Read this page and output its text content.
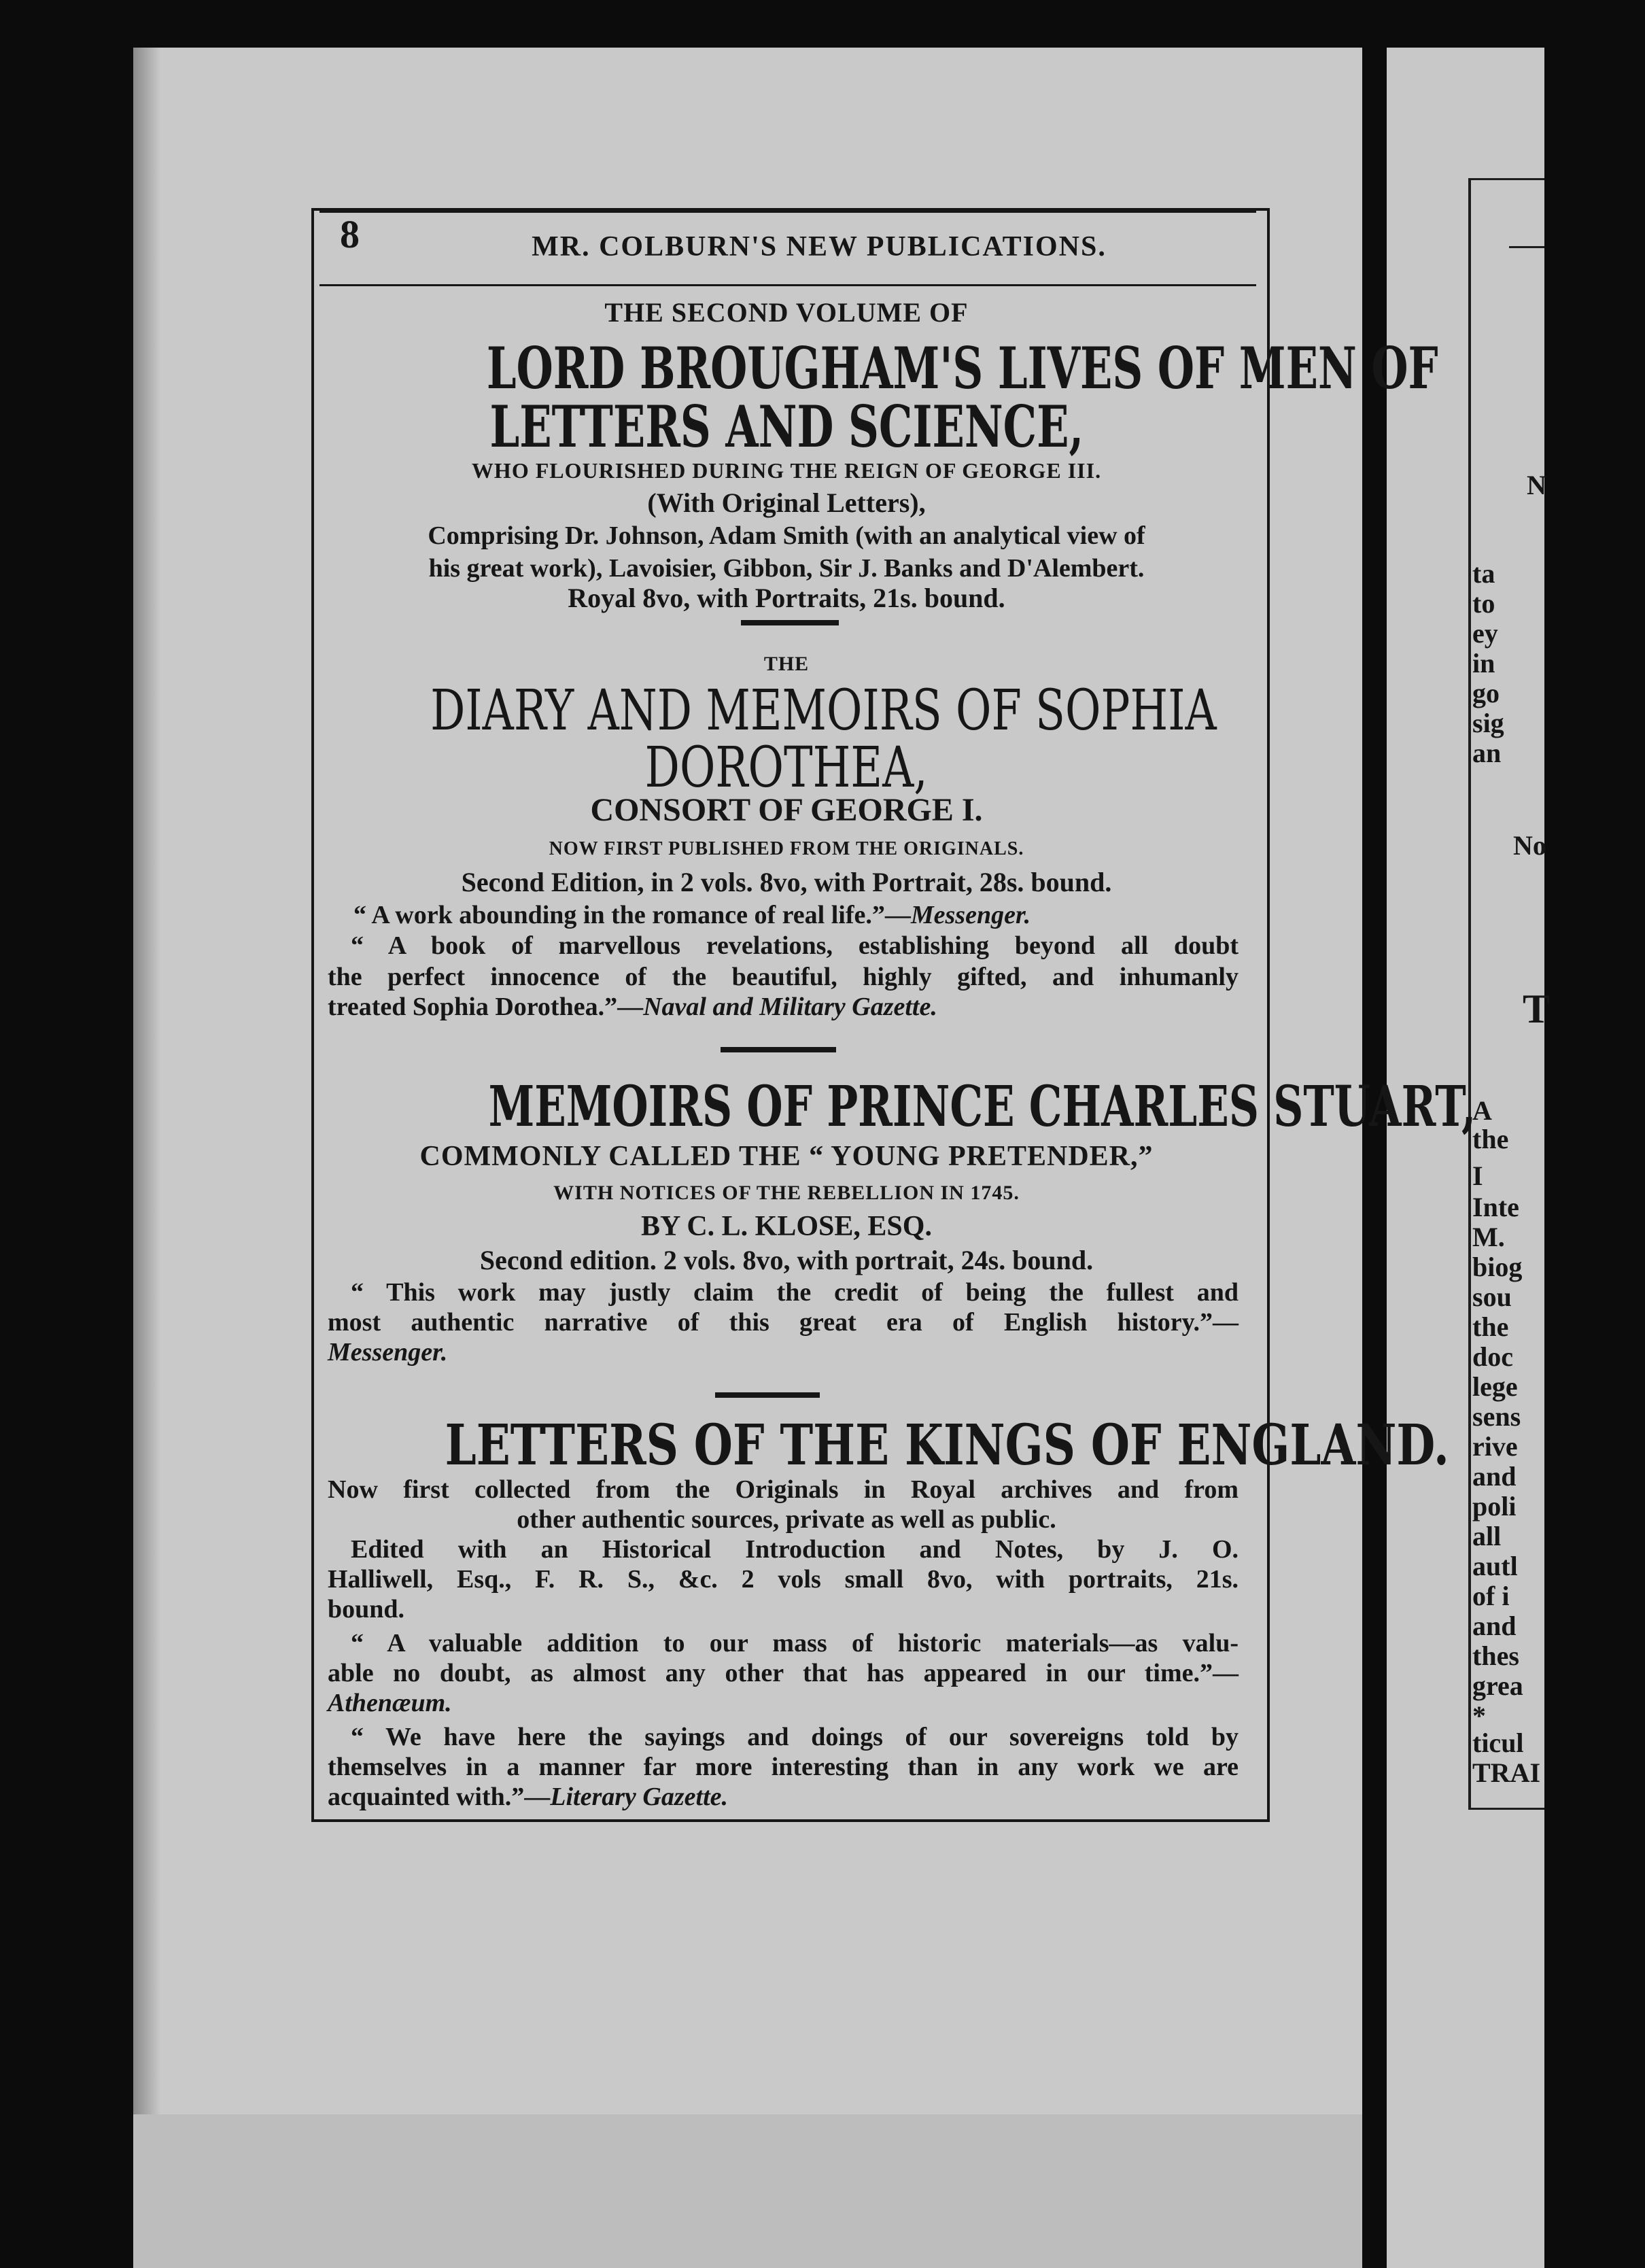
N
ta
to
ey
in
go
sig
an
No
T
A
the
I
Inte
M.
biog
sou
the
doc
lege
sens
rive
and
poli
all
autl
of i
and
thes
grea
*
ticul
TRAI
8	MR. COLBURN'S NEW PUBLICATIONS.
THE SECOND VOLUME OF
LORD BROUGHAM'S LIVES OF MEN OF
LETTERS AND SCIENCE,
WHO FLOURISHED DURING THE REIGN OF GEORGE III.
(With Original Letters),
Comprising Dr. Johnson, Adam Smith (with an analytical view of
his great work), Lavoisier, Gibbon, Sir J. Banks and D'Alembert.
Royal 8vo, with Portraits, 21s. bound.
THE
DIARY AND MEMOIRS OF SOPHIA
DOROTHEA,
CONSORT OF GEORGE I.
NOW FIRST PUBLISHED FROM THE ORIGINALS.
Second Edition, in 2 vols. 8vo, with Portrait, 28s. bound.
“ A work abounding in the romance of real life.”—Messenger.
“ A book of marvellous revelations, establishing beyond all doubt
the perfect innocence of the beautiful, highly gifted, and inhumanly
treated Sophia Dorothea.”—Naval and Military Gazette.
MEMOIRS OF PRINCE CHARLES STUART,
COMMONLY CALLED THE “ YOUNG PRETENDER,”
WITH NOTICES OF THE REBELLION IN 1745.
BY C. L. KLOSE, ESQ.
Second edition. 2 vols. 8vo, with portrait, 24s. bound.
“ This work may justly claim the credit of being the fullest and
most authentic narrative of this great era of English history.”—
Messenger.
LETTERS OF THE KINGS OF ENGLAND.
Now first collected from the Originals in Royal archives and from
other authentic sources, private as well as public.
Edited with an Historical Introduction and Notes, by J. O.
Halliwell, Esq., F. R. S., &c. 2 vols small 8vo, with portraits, 21s.
bound.
“ A valuable addition to our mass of historic materials—as valu-
able no doubt, as almost any other that has appeared in our time.”—
Athenæum.
“ We have here the sayings and doings of our sovereigns told by
themselves in a manner far more interesting than in any work we are
acquainted with.”—Literary Gazette.
